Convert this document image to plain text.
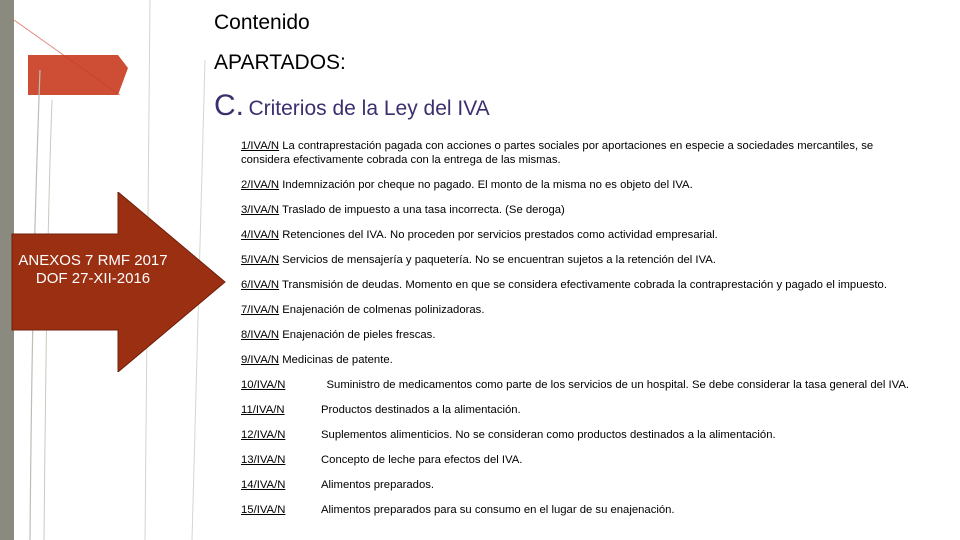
Contenido
APARTADOS:
C. Criterios de la Ley del IVA
ANEXOS 7 RMF 2017 DOF 27-XII-2016
1/IVA/N La contraprestación pagada con acciones o partes sociales por aportaciones en especie a sociedades mercantiles, se considera efectivamente cobrada con la entrega de las mismas.
2/IVA/N Indemnización por cheque no pagado. El monto de la misma no es objeto del IVA.
3/IVA/N Traslado de impuesto a una tasa incorrecta. (Se deroga)
4/IVA/N Retenciones del IVA. No proceden por servicios prestados como actividad empresarial.
5/IVA/N Servicios de mensajería y paquetería. No se encuentran sujetos a la retención del IVA.
6/IVA/N Transmisión de deudas. Momento en que se considera efectivamente cobrada la contraprestación y pagado el impuesto.
7/IVA/N Enajenación de colmenas polinizadoras.
8/IVA/N Enajenación de pieles frescas.
9/IVA/N Medicinas de patente.
10/IVA/N	Suministro de medicamentos como parte de los servicios de un hospital. Se debe considerar la tasa general del IVA.
11/IVA/N	Productos destinados a la alimentación.
12/IVA/N	Suplementos alimenticios. No se consideran como productos destinados a la alimentación.
13/IVA/N	Concepto de leche para efectos del IVA.
14/IVA/N	Alimentos preparados.
15/IVA/N	Alimentos preparados para su consumo en el lugar de su enajenación.
